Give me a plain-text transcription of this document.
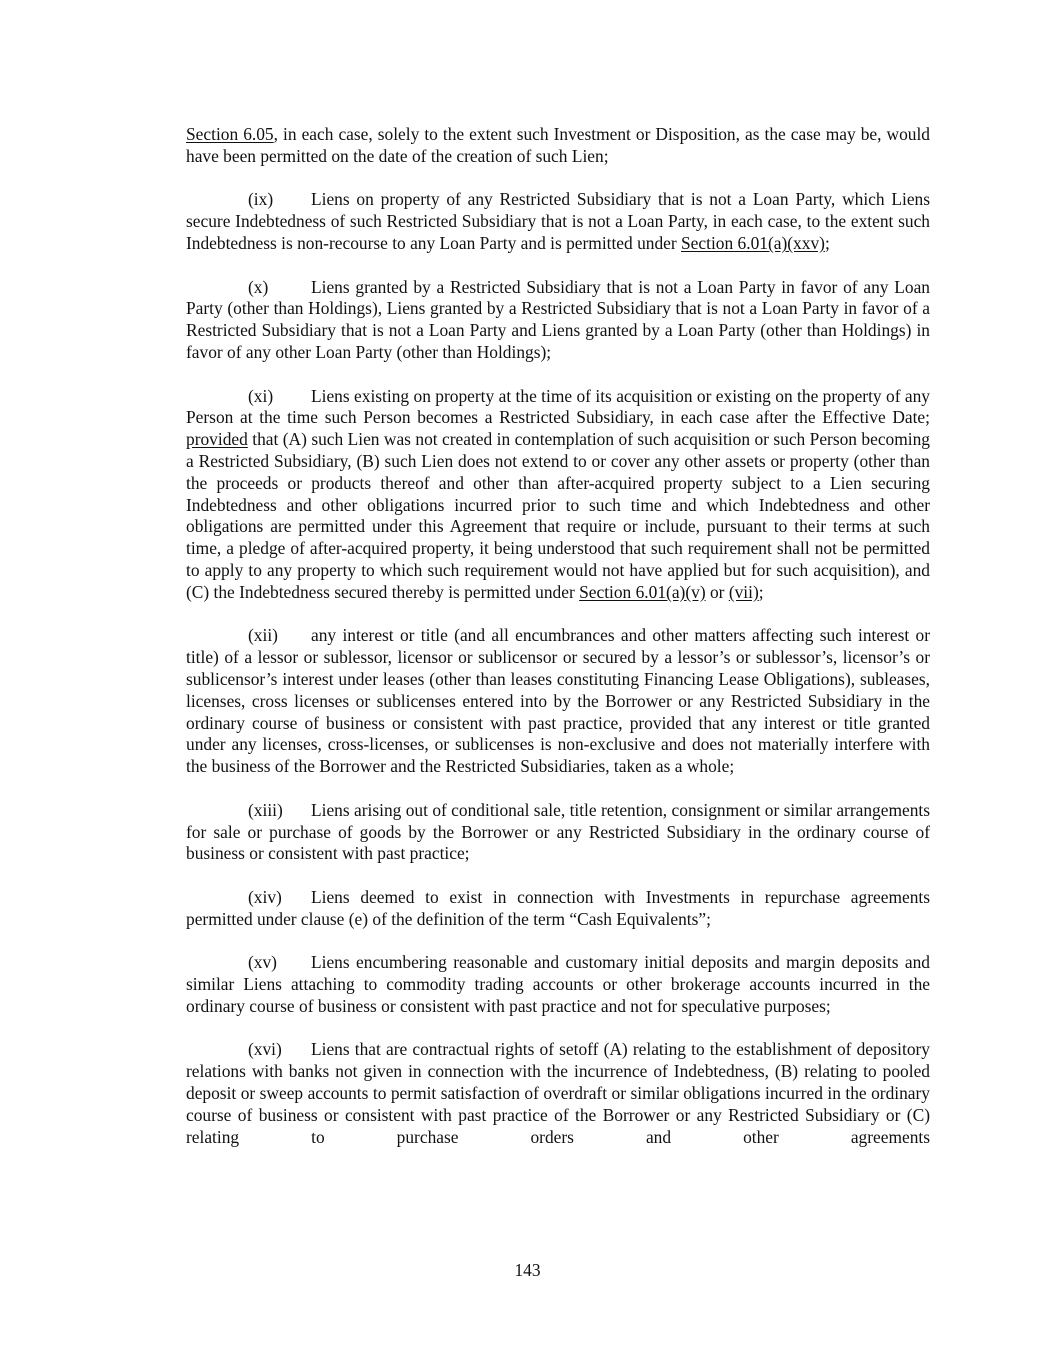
Section 6.05, in each case, solely to the extent such Investment or Disposition, as the case may be, would have been permitted on the date of the creation of such Lien;

(ix) Liens on property of any Restricted Subsidiary that is not a Loan Party, which Liens secure Indebtedness of such Restricted Subsidiary that is not a Loan Party, in each case, to the extent such Indebtedness is non-recourse to any Loan Party and is permitted under Section 6.01(a)(xxv);

(x) Liens granted by a Restricted Subsidiary that is not a Loan Party in favor of any Loan Party (other than Holdings), Liens granted by a Restricted Subsidiary that is not a Loan Party in favor of a Restricted Subsidiary that is not a Loan Party and Liens granted by a Loan Party (other than Holdings) in favor of any other Loan Party (other than Holdings);

(xi) Liens existing on property at the time of its acquisition or existing on the property of any Person at the time such Person becomes a Restricted Subsidiary, in each case after the Effective Date; provided that (A) such Lien was not created in contemplation of such acquisition or such Person becoming a Restricted Subsidiary, (B) such Lien does not extend to or cover any other assets or property (other than the proceeds or products thereof and other than after-acquired property subject to a Lien securing Indebtedness and other obligations incurred prior to such time and which Indebtedness and other obligations are permitted under this Agreement that require or include, pursuant to their terms at such time, a pledge of after-acquired property, it being understood that such requirement shall not be permitted to apply to any property to which such requirement would not have applied but for such acquisition), and (C) the Indebtedness secured thereby is permitted under Section 6.01(a)(v) or (vii);

(xii) any interest or title (and all encumbrances and other matters affecting such interest or title) of a lessor or sublessor, licensor or sublicensor or secured by a lessor’s or sublessor’s, licensor’s or sublicensor’s interest under leases (other than leases constituting Financing Lease Obligations), subleases, licenses, cross licenses or sublicenses entered into by the Borrower or any Restricted Subsidiary in the ordinary course of business or consistent with past practice, provided that any interest or title granted under any licenses, cross-licenses, or sublicenses is non-exclusive and does not materially interfere with the business of the Borrower and the Restricted Subsidiaries, taken as a whole;

(xiii) Liens arising out of conditional sale, title retention, consignment or similar arrangements for sale or purchase of goods by the Borrower or any Restricted Subsidiary in the ordinary course of business or consistent with past practice;

(xiv) Liens deemed to exist in connection with Investments in repurchase agreements permitted under clause (e) of the definition of the term “Cash Equivalents”;

(xv) Liens encumbering reasonable and customary initial deposits and margin deposits and similar Liens attaching to commodity trading accounts or other brokerage accounts incurred in the ordinary course of business or consistent with past practice and not for speculative purposes;

(xvi) Liens that are contractual rights of setoff (A) relating to the establishment of depository relations with banks not given in connection with the incurrence of Indebtedness, (B) relating to pooled deposit or sweep accounts to permit satisfaction of overdraft or similar obligations incurred in the ordinary course of business or consistent with past practice of the Borrower or any Restricted Subsidiary or (C) relating to purchase orders and other agreements

143
